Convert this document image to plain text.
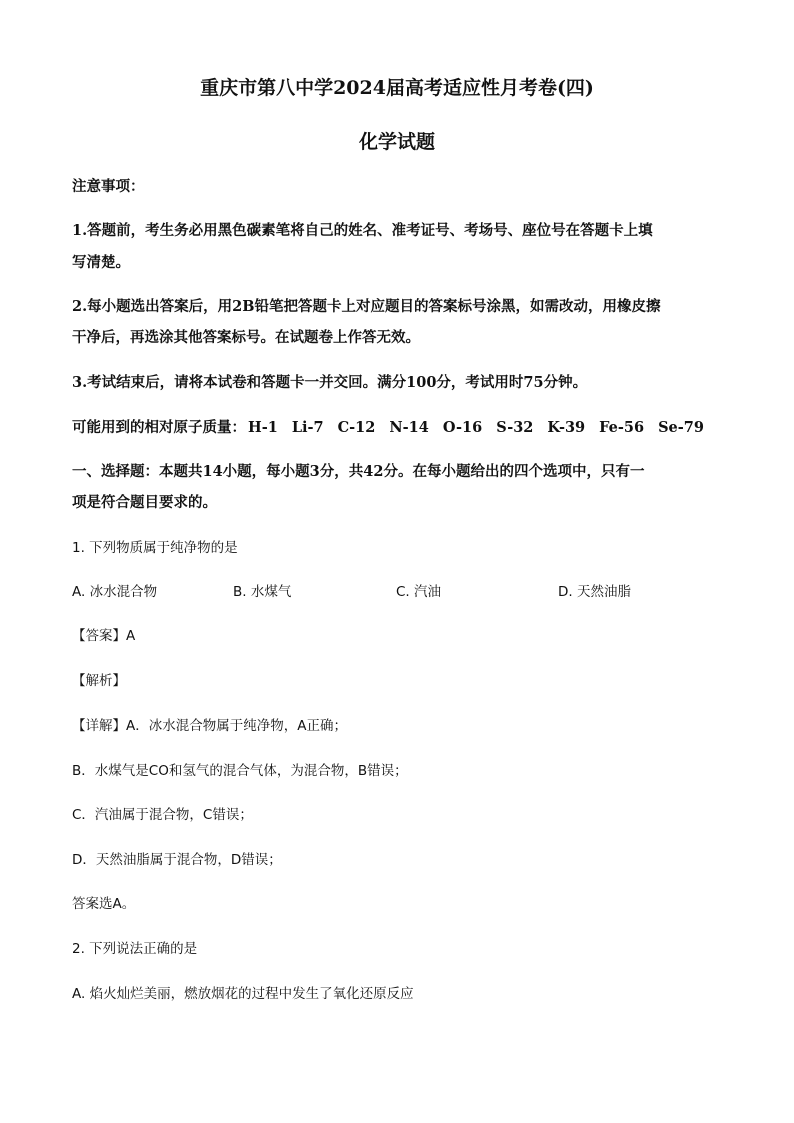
重庆市第八中学2024届高考适应性月考卷(四)
化学试题
注意事项：
1.答题前，考生务必用黑色碳素笔将自己的姓名、准考证号、考场号、座位号在答题卡上填
写清楚。
2.每小题选出答案后，用2B铅笔把答题卡上对应题目的答案标号涂黑，如需改动，用橡皮擦
干净后，再选涂其他答案标号。在试题卷上作答无效。
3.考试结束后，请将本试卷和答题卡一并交回。满分100分，考试用时75分钟。
可能用到的相对原子质量： H-1 Li-7 C-12 N-14 O-16 S-32 K-39 Fe-56 Se-79
一、选择题：本题共14小题，每小题3分，共42分。在每小题给出的四个选项中，只有一
项是符合题目要求的。
1. 下列物质属于纯净物的是
A. 冰水混合物	B. 水煤气	C. 汽油	D. 天然油脂
【答案】A
【解析】
【详解】A．冰水混合物属于纯净物，A正确；
B．水煤气是CO和氢气的混合气体，为混合物，B错误；
C．汽油属于混合物，C错误；
D．天然油脂属于混合物，D错误；
答案选A。
2. 下列说法正确的是
A. 焰火灿烂美丽，燃放烟花的过程中发生了氧化还原反应
